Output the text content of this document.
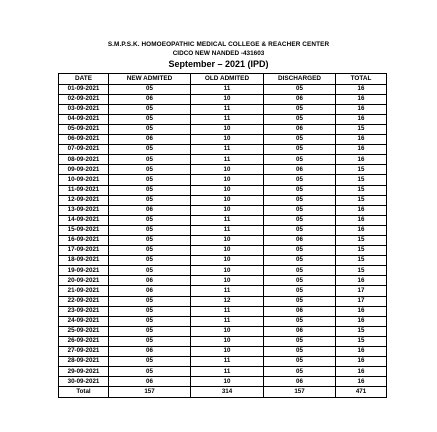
S.M.P.S.K. HOMOEOPATHIC MEDICAL COLLEGE & REACHER CENTER
CIDCO NEW NANDED -431603
September – 2021 (IPD)
DATE	NEW ADMITED	OLD ADMITED	DISCHARGED	TOTAL
01-09-2021	05	11	05	16
02-09-2021	06	10	06	16
03-09-2021	05	11	05	16
04-09-2021	05	11	05	16
05-09-2021	05	10	06	15
06-09-2021	06	10	05	16
07-09-2021	05	11	05	16
08-09-2021	05	11	05	16
09-09-2021	05	10	06	15
10-09-2021	05	10	05	15
11-09-2021	05	10	05	15
12-09-2021	05	10	05	15
13-09-2021	06	10	05	16
14-09-2021	05	11	05	16
15-09-2021	05	11	05	16
16-09-2021	05	10	06	15
17-09-2021	05	10	05	15
18-09-2021	05	10	05	15
19-09-2021	05	10	05	15
20-09-2021	06	10	05	16
21-09-2021	06	11	05	17
22-09-2021	05	12	05	17
23-09-2021	05	11	06	16
24-09-2021	05	11	05	16
25-09-2021	05	10	06	15
26-09-2021	05	10	05	15
27-09-2021	06	10	05	16
28-09-2021	05	11	05	16
29-09-2021	05	11	05	16
30-09-2021	06	10	06	16
Total	157	314	157	471
